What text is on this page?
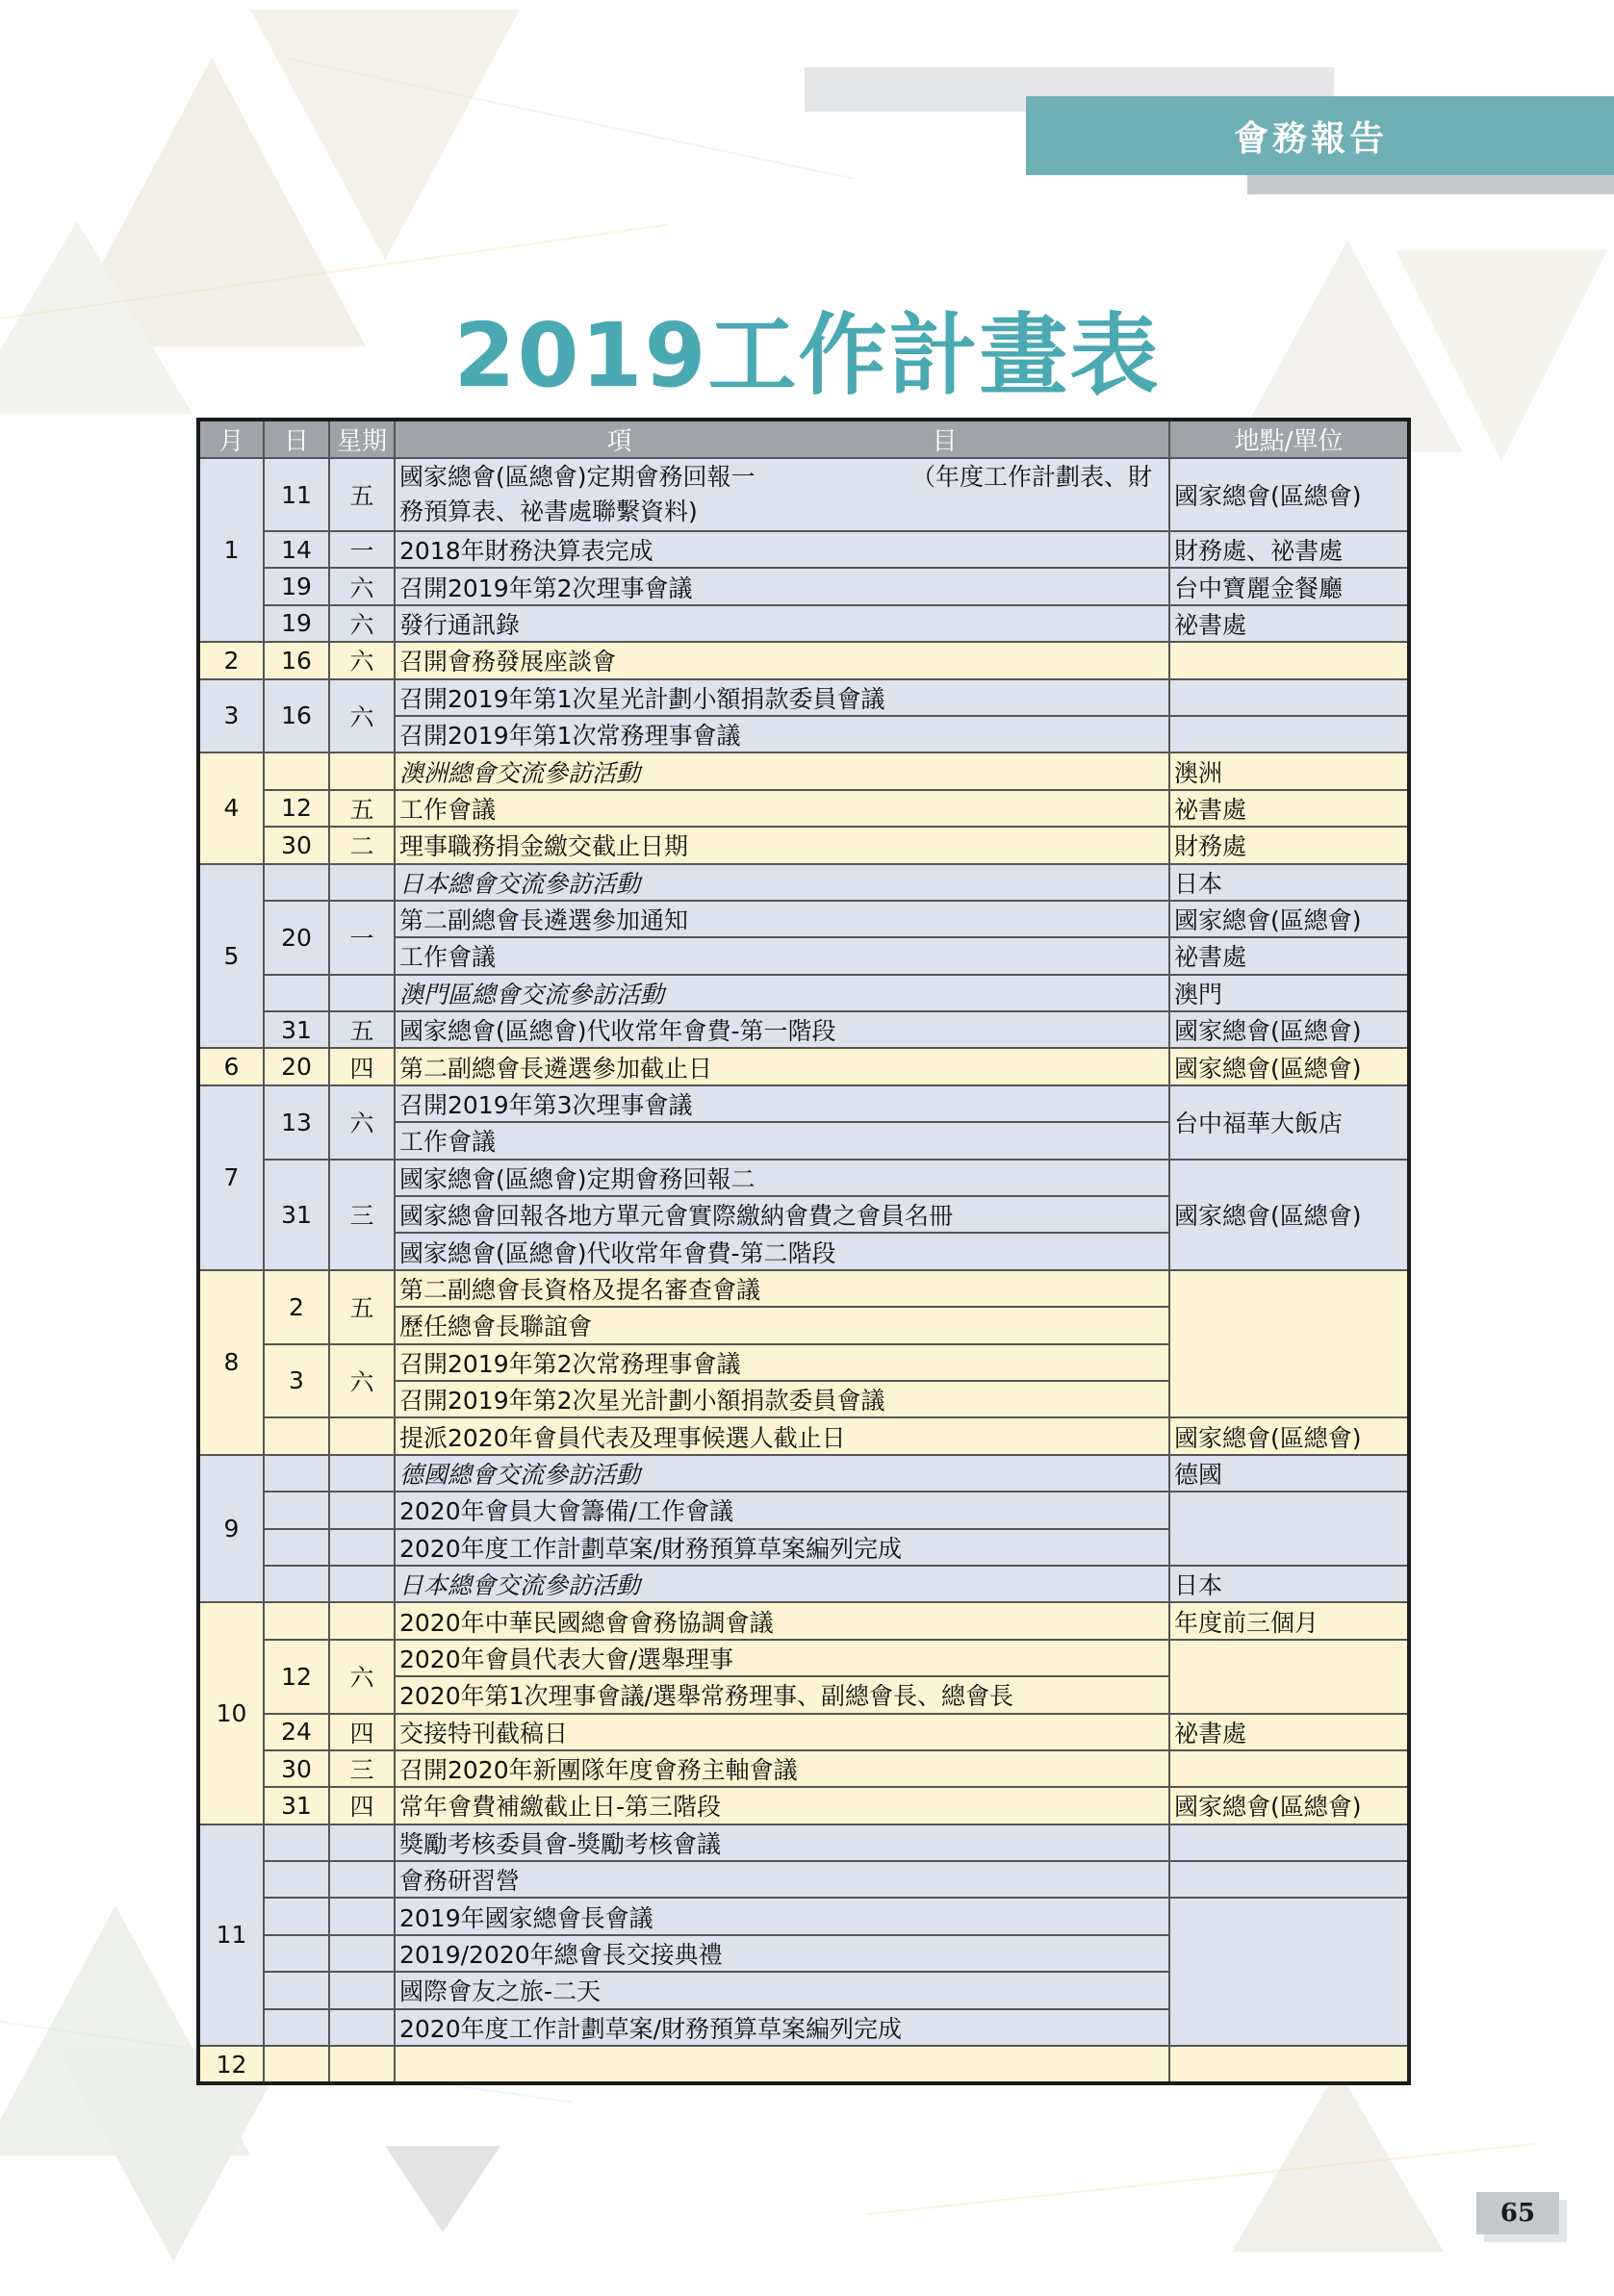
會務報告
2019工作計畫表
月	日	星期	項　　　　　　　　　　　　目	地點/單位
1	11	五	國家總會(區總會)定期會務回報一　　　　　　　（年度工作計劃表、財務預算表、祕書處聯繫資料)	國家總會(區總會)
	14	一	2018年財務決算表完成	財務處、祕書處
	19	六	召開2019年第2次理事會議	台中寶麗金餐廳
	19	六	發行通訊錄	祕書處
2	16	六	召開會務發展座談會	
3	16	六	召開2019年第1次星光計劃小額捐款委員會議	
			召開2019年第1次常務理事會議	
4			澳洲總會交流參訪活動	澳洲
	12	五	工作會議	祕書處
	30	二	理事職務捐金繳交截止日期	財務處
5			日本總會交流參訪活動	日本
	20	一	第二副總會長遴選參加通知	國家總會(區總會)
			工作會議	祕書處
			澳門區總會交流參訪活動	澳門
	31	五	國家總會(區總會)代收常年會費-第一階段	國家總會(區總會)
6	20	四	第二副總會長遴選參加截止日	國家總會(區總會)
7	13	六	召開2019年第3次理事會議	台中福華大飯店
			工作會議	
	31	三	國家總會(區總會)定期會務回報二	國家總會(區總會)
			國家總會回報各地方單元會實際繳納會費之會員名冊	
			國家總會(區總會)代收常年會費-第二階段	
8	2	五	第二副總會長資格及提名審查會議	
			歷任總會長聯誼會	
	3	六	召開2019年第2次常務理事會議	
			召開2019年第2次星光計劃小額捐款委員會議	
			提派2020年會員代表及理事候選人截止日	國家總會(區總會)
9			德國總會交流參訪活動	德國
			2020年會員大會籌備/工作會議	
			2020年度工作計劃草案/財務預算草案編列完成	
			日本總會交流參訪活動	日本
10			2020年中華民國總會會務協調會議	年度前三個月
	12	六	2020年會員代表大會/選舉理事	
			2020年第1次理事會議/選舉常務理事、副總會長、總會長	
	24	四	交接特刊截稿日	祕書處
	30	三	召開2020年新團隊年度會務主軸會議	
	31	四	常年會費補繳截止日-第三階段	國家總會(區總會)
11			獎勵考核委員會-獎勵考核會議	
			會務研習營	
			2019年國家總會長會議	
			2019/2020年總會長交接典禮	
			國際會友之旅-二天	
			2020年度工作計劃草案/財務預算草案編列完成	
12				
65
